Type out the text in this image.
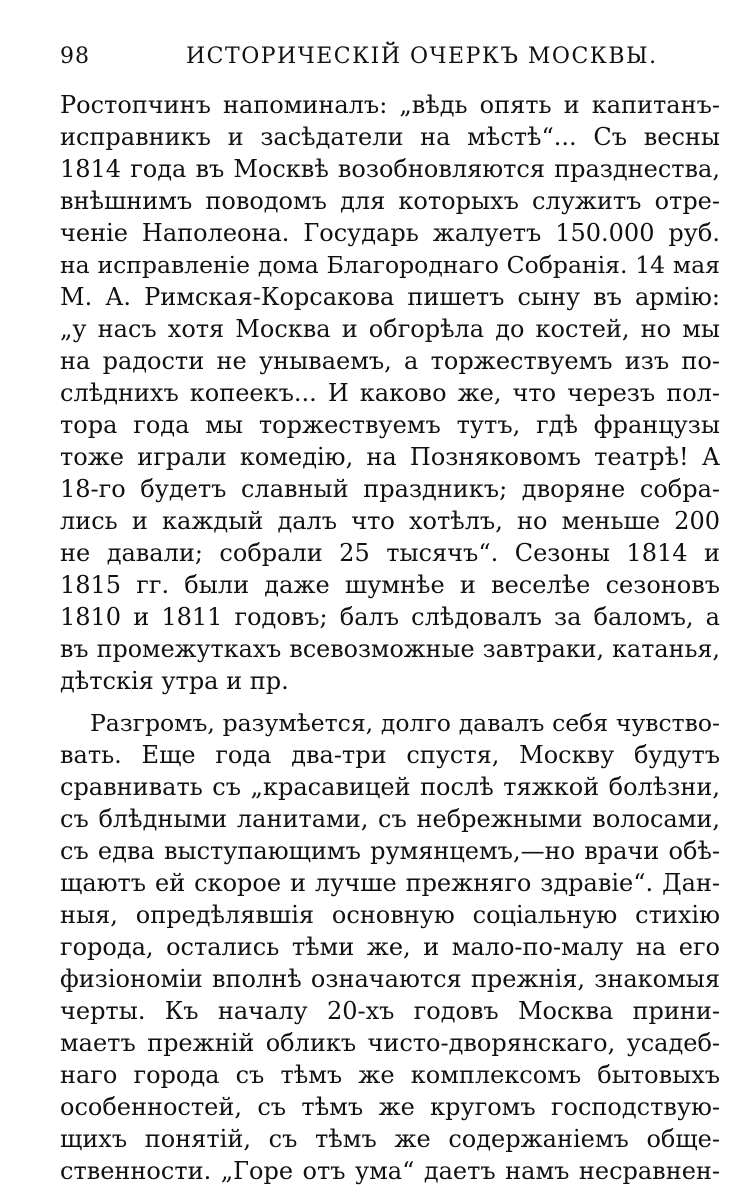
98	ИСТОРИЧЕСКІЙ ОЧЕРКЪ МОСКВЫ.
Ростопчинъ напоминалъ: „вѣдь опять и капитанъ-
исправникъ и засѣдатели на мѣстѣ“... Съ весны
1814 года въ Москвѣ возобновляются празднества,
внѣшнимъ поводомъ для которыхъ служитъ отре-
ченіе Наполеона. Государь жалуетъ 150.000 руб.
на исправленіе дома Благороднаго Собранія. 14 мая
М. А. Римская-Корсакова пишетъ сыну въ армію:
„у насъ хотя Москва и обгорѣла до костей, но мы
на радости не унываемъ, а торжествуемъ изъ по-
слѣднихъ копеекъ... И каково же, что черезъ пол-
тора года мы торжествуемъ тутъ, гдѣ французы
тоже играли комедію, на Позняковомъ театрѣ! А
18-го будетъ славный праздникъ; дворяне собра-
лись и каждый далъ что хотѣлъ, но меньше 200
не давали; собрали 25 тысячъ“. Сезоны 1814 и
1815 гг. были даже шумнѣе и веселѣе сезоновъ
1810 и 1811 годовъ; балъ слѣдовалъ за баломъ, а
въ промежуткахъ всевозможные завтраки, катанья,
дѣтскія утра и пр.
Разгромъ, разумѣется, долго давалъ себя чувство-
вать. Еще года два-три спустя, Москву будутъ
сравнивать съ „красавицей послѣ тяжкой болѣзни,
съ блѣдными ланитами, съ небрежными волосами,
съ едва выступающимъ румянцемъ,—но врачи обѣ-
щаютъ ей скорое и лучше прежняго здравіе“. Дан-
ныя, опредѣлявшія основную соціальную стихію
города, остались тѣми же, и мало-по-малу на его
физіономіи вполнѣ означаются прежнія, знакомыя
черты. Къ началу 20-хъ годовъ Москва прини-
маетъ прежній обликъ чисто-дворянскаго, усадеб-
наго города съ тѣмъ же комплексомъ бытовыхъ
особенностей, съ тѣмъ же кругомъ господствую-
щихъ понятій, съ тѣмъ же содержаніемъ обще-
ственности. „Горе отъ ума“ даетъ намъ несравнен-
